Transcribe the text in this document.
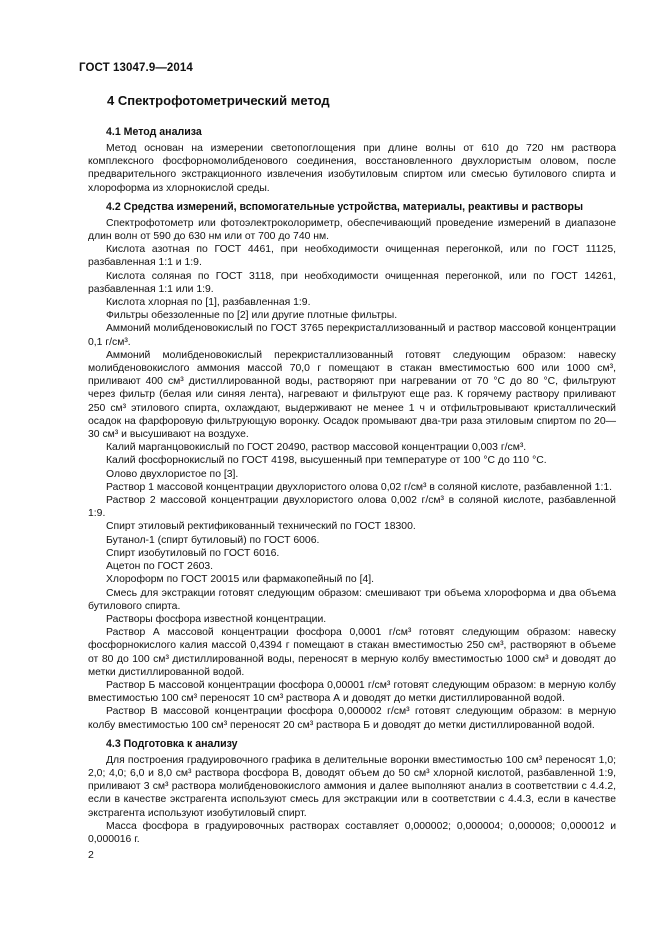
ГОСТ 13047.9—2014
4 Спектрофотометрический метод
4.1 Метод анализа

Метод основан на измерении светопоглощения при длине волны от 610 до 720 нм раствора комплексного фосфорномолибденового соединения, восстановленного двухлористым оловом, после предварительного экстракционного извлечения изобутиловым спиртом или смесью бутилового спирта и хлороформа из хлорнокислой среды.

4.2 Средства измерений, вспомогательные устройства, материалы, реактивы и растворы

Спектрофотометр или фотоэлектроколориметр, обеспечивающий проведение измерений в диапазоне длин волн от 590 до 630 нм или от 700 до 740 нм.

Кислота азотная по ГОСТ 4461, при необходимости очищенная перегонкой, или по ГОСТ 11125, разбавленная 1:1 и 1:9.

Кислота соляная по ГОСТ 3118, при необходимости очищенная перегонкой, или по ГОСТ 14261, разбавленная 1:1 или 1:9.

Кислота хлорная по [1], разбавленная 1:9.

Фильтры обеззоленные по [2] или другие плотные фильтры.

Аммоний молибденовокислый по ГОСТ 3765 перекристаллизованный и раствор массовой концентрации 0,1 г/см³.

Аммоний молибденовокислый перекристаллизованный готовят следующим образом: навеску молибденовокислого аммония массой 70,0 г помещают в стакан вместимостью 600 или 1000 см³, приливают 400 см³ дистиллированной воды, растворяют при нагревании от 70 °С до 80 °С, фильтруют через фильтр (белая или синяя лента), нагревают и фильтруют еще раз. К горячему раствору приливают 250 см³ этилового спирта, охлаждают, выдерживают не менее 1 ч и отфильтровывают кристаллический осадок на фарфоровую фильтрующую воронку. Осадок промывают два-три раза этиловым спиртом по 20—30 см³ и высушивают на воздухе.

Калий марганцовокислый по ГОСТ 20490, раствор массовой концентрации 0,003 г/см³.

Калий фосфорнокислый по ГОСТ 4198, высушенный при температуре от 100 °С до 110 °С.

Олово двухлористое по [3].

Раствор 1 массовой концентрации двухлористого олова 0,02 г/см³ в соляной кислоте, разбавленной 1:1.

Раствор 2 массовой концентрации двухлористого олова 0,002 г/см³ в соляной кислоте, разбавленной 1:9.

Спирт этиловый ректификованный технический по ГОСТ 18300.

Бутанол-1 (спирт бутиловый) по ГОСТ 6006.

Спирт изобутиловый по ГОСТ 6016.

Ацетон по ГОСТ 2603.

Хлороформ по ГОСТ 20015 или фармакопейный по [4].

Смесь для экстракции готовят следующим образом: смешивают три объема хлороформа и два объема бутилового спирта.

Растворы фосфора известной концентрации.

Раствор А массовой концентрации фосфора 0,0001 г/см³ готовят следующим образом: навеску фосфорнокислого калия массой 0,4394 г помещают в стакан вместимостью 250 см³, растворяют в объеме от 80 до 100 см³ дистиллированной воды, переносят в мерную колбу вместимостью 1000 см³ и доводят до метки дистиллированной водой.

Раствор Б массовой концентрации фосфора 0,00001 г/см³ готовят следующим образом: в мерную колбу вместимостью 100 см³ переносят 10 см³ раствора А и доводят до метки дистиллированной водой.

Раствор В массовой концентрации фосфора 0,000002 г/см³ готовят следующим образом: в мерную колбу вместимостью 100 см³ переносят 20 см³ раствора Б и доводят до метки дистиллированной водой.

4.3 Подготовка к анализу

Для построения градуировочного графика в делительные воронки вместимостью 100 см³ переносят 1,0; 2,0; 4,0; 6,0 и 8,0 см³ раствора фосфора В, доводят объем до 50 см³ хлорной кислотой, разбавленной 1:9, приливают 3 см³ раствора молибденовокислого аммония и далее выполняют анализ в соответствии с 4.4.2, если в качестве экстрагента используют смесь для экстракции или в соответствии с 4.4.3, если в качестве экстрагента используют изобутиловый спирт.

Масса фосфора в градуировочных растворах составляет 0,000002; 0,000004; 0,000008; 0,000012 и 0,000016 г.

2
